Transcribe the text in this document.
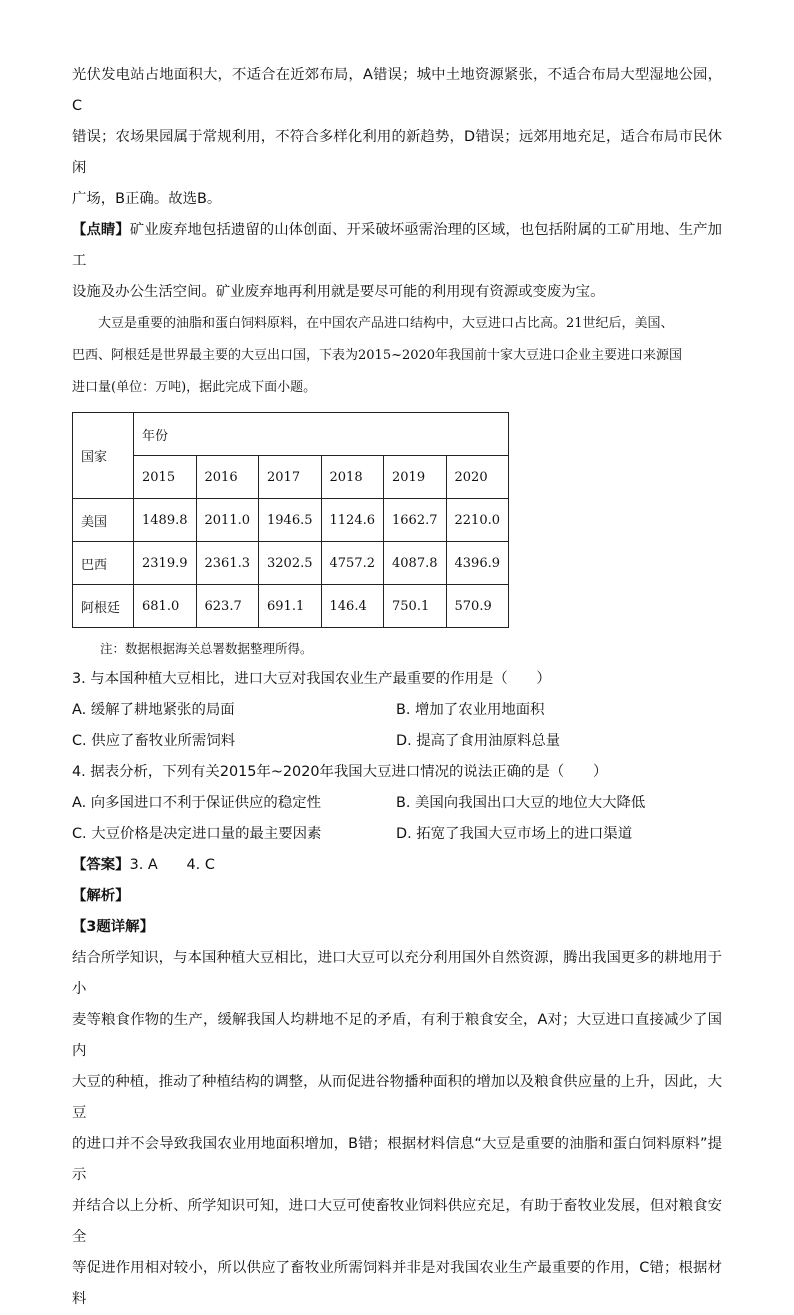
光伏发电站占地面积大，不适合在近郊布局，A错误；城中土地资源紧张，不适合布局大型湿地公园，C

错误；农场果园属于常规利用，不符合多样化利用的新趋势，D错误；远郊用地充足，适合布局市民休闲

广场，B正确。故选B。

【点睛】矿业废弃地包括遗留的山体创面、开采破坏亟需治理的区域，也包括附属的工矿用地、生产加工

设施及办公生活空间。矿业废弃地再利用就是要尽可能的利用现有资源或变废为宝。

大豆是重要的油脂和蛋白饲料原料，在中国农产品进口结构中，大豆进口占比高。21世纪后，美国、

巴西、阿根廷是世界最主要的大豆出口国，下表为2015~2020年我国前十家大豆进口企业主要进口来源国

进口量(单位：万吨)，据此完成下面小题。

国家	年份					
	2015	2016	2017	2018	2019	2020
美国	1489.8	2011.0	1946.5	1124.6	1662.7	2210.0
巴西	2319.9	2361.3	3202.5	4757.2	4087.8	4396.9
阿根廷	681.0	623.7	691.1	146.4	750.1	570.9

注：数据根据海关总署数据整理所得。

3. 与本国种植大豆相比，进口大豆对我国农业生产最重要的作用是（　　）

A. 缓解了耕地紧张的局面	B. 增加了农业用地面积
C. 供应了畜牧业所需饲料	D. 提高了食用油原料总量

4. 据表分析，下列有关2015年~2020年我国大豆进口情况的说法正确的是（　　）

A. 向多国进口不利于保证供应的稳定性	B. 美国向我国出口大豆的地位大大降低
C. 大豆价格是决定进口量的最主要因素	D. 拓宽了我国大豆市场上的进口渠道

【答案】3. A　　4. C

【解析】

【3题详解】

结合所学知识，与本国种植大豆相比，进口大豆可以充分利用国外自然资源，腾出我国更多的耕地用于小

麦等粮食作物的生产，缓解我国人均耕地不足的矛盾，有利于粮食安全，A对；大豆进口直接减少了国内

大豆的种植，推动了种植结构的调整，从而促进谷物播种面积的增加以及粮食供应量的上升，因此，大豆

的进口并不会导致我国农业用地面积增加，B错；根据材料信息“大豆是重要的油脂和蛋白饲料原料”提示

并结合以上分析、所学知识可知，进口大豆可使畜牧业饲料供应充足，有助于畜牧业发展，但对粮食安全

等促进作用相对较小，所以供应了畜牧业所需饲料并非是对我国农业生产最重要的作用，C错；根据材料
